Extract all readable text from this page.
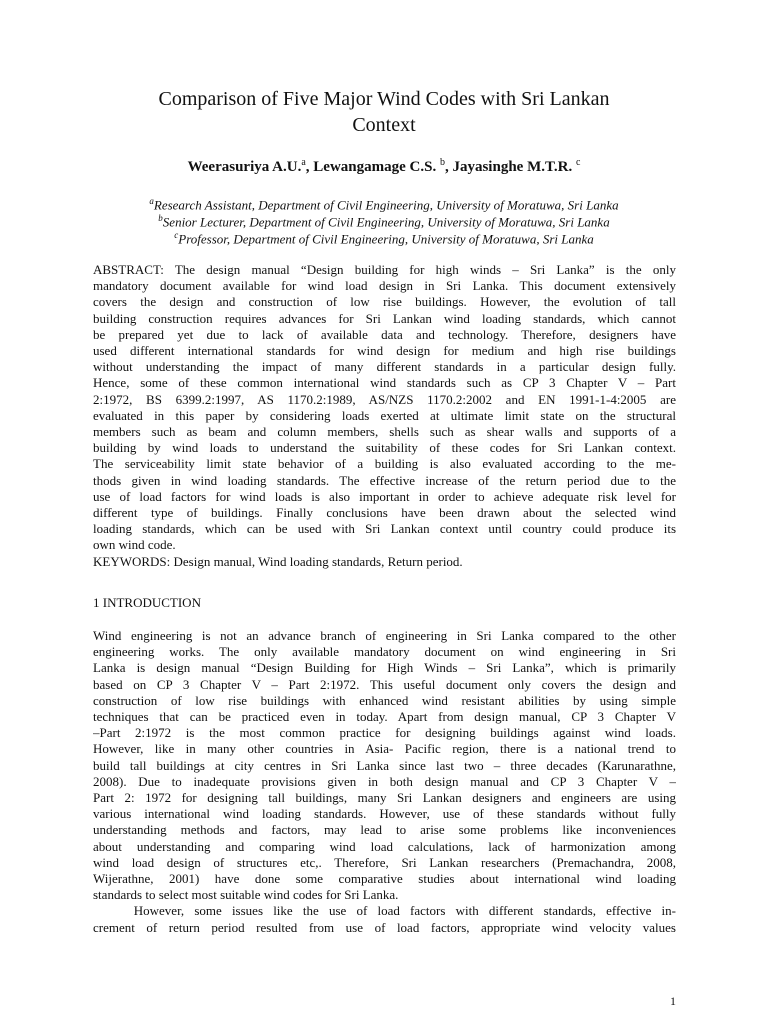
Comparison of Five Major Wind Codes with Sri Lankan
Context
Weerasuriya A.U.$^a$, Lewangamage C.S. $^b$, Jayasinghe M.T.R. $^c$
$^a$Research Assistant, Department of Civil Engineering, University of Moratuwa, Sri Lanka
$^b$Senior Lecturer, Department of Civil Engineering, University of Moratuwa, Sri Lanka
$^c$Professor, Department of Civil Engineering, University of Moratuwa, Sri Lanka
ABSTRACT: The design manual “Design building for high winds – Sri Lanka” is the only
mandatory document available for wind load design in Sri Lanka. This document extensively
covers the design and construction of low rise buildings. However, the evolution of tall
building construction requires advances for Sri Lankan wind loading standards, which cannot
be prepared yet due to lack of available data and technology. Therefore, designers have
used different international standards for wind design for medium and high rise buildings
without understanding the impact of many different standards in a particular design fully.
Hence, some of these common international wind standards such as CP 3 Chapter V – Part
2:1972, BS 6399.2:1997, AS 1170.2:1989, AS/NZS 1170.2:2002 and EN 1991-1-4:2005 are
evaluated in this paper by considering loads exerted at ultimate limit state on the structural
members such as beam and column members, shells such as shear walls and supports of a
building by wind loads to understand the suitability of these codes for Sri Lankan context.
The serviceability limit state behavior of a building is also evaluated according to the me-
thods given in wind loading standards. The effective increase of the return period due to the
use of load factors for wind loads is also important in order to achieve adequate risk level for
different type of buildings. Finally conclusions have been drawn about the selected wind
loading standards, which can be used with Sri Lankan context until country could produce its
own wind code.
KEYWORDS: Design manual, Wind loading standards, Return period.
1 INTRODUCTION
Wind engineering is not an advance branch of engineering in Sri Lanka compared to the other
engineering works. The only available mandatory document on wind engineering in Sri
Lanka is design manual “Design Building for High Winds – Sri Lanka”, which is primarily
based on CP 3 Chapter V – Part 2:1972. This useful document only covers the design and
construction of low rise buildings with enhanced wind resistant abilities by using simple
techniques that can be practiced even in today. Apart from design manual, CP 3 Chapter V
–Part 2:1972 is the most common practice for designing buildings against wind loads.
However, like in many other countries in Asia- Pacific region, there is a national trend to
build tall buildings at city centres in Sri Lanka since last two – three decades (Karunarathne,
2008). Due to inadequate provisions given in both design manual and CP 3 Chapter V –
Part 2: 1972 for designing tall buildings, many Sri Lankan designers and engineers are using
various international wind loading standards. However, use of these standards without fully
understanding methods and factors, may lead to arise some problems like inconveniences
about understanding and comparing wind load calculations, lack of harmonization among
wind load design of structures etc,. Therefore, Sri Lankan researchers (Premachandra, 2008,
Wijerathne, 2001) have done some comparative studies about international wind loading
standards to select most suitable wind codes for Sri Lanka.
However, some issues like the use of load factors with different standards, effective in-
crement of return period resulted from use of load factors, appropriate wind velocity values
1
